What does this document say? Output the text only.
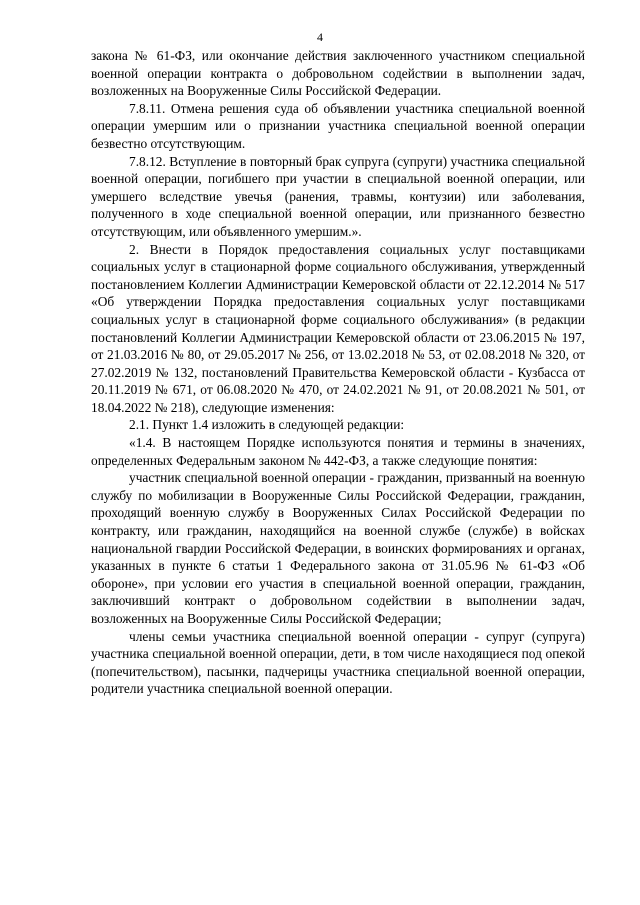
4

закона № 61-ФЗ, или окончание действия заключенного участником специальной военной операции контракта о добровольном содействии в выполнении задач, возложенных на Вооруженные Силы Российской Федерации.

7.8.11. Отмена решения суда об объявлении участника специальной военной операции умершим или о признании участника специальной военной операции безвестно отсутствующим.

7.8.12. Вступление в повторный брак супруга (супруги) участника специальной военной операции, погибшего при участии в специальной военной операции, или умершего вследствие увечья (ранения, травмы, контузии) или заболевания, полученного в ходе специальной военной операции, или признанного безвестно отсутствующим, или объявленного умершим.».

2. Внести в Порядок предоставления социальных услуг поставщиками социальных услуг в стационарной форме социального обслуживания, утвержденный постановлением Коллегии Администрации Кемеровской области от 22.12.2014 № 517 «Об утверждении Порядка предоставления социальных услуг поставщиками социальных услуг в стационарной форме социального обслуживания» (в редакции постановлений Коллегии Администрации Кемеровской области от 23.06.2015 № 197, от 21.03.2016 № 80, от 29.05.2017 № 256, от 13.02.2018 № 53, от 02.08.2018 № 320, от 27.02.2019 № 132, постановлений Правительства Кемеровской области - Кузбасса от 20.11.2019 № 671, от 06.08.2020 № 470, от 24.02.2021 № 91, от 20.08.2021 № 501, от 18.04.2022 № 218), следующие изменения:

2.1. Пункт 1.4 изложить в следующей редакции:

«1.4. В настоящем Порядке используются понятия и термины в значениях, определенных Федеральным законом № 442-ФЗ, а также следующие понятия:

участник специальной военной операции - гражданин, призванный на военную службу по мобилизации в Вооруженные Силы Российской Федерации, гражданин, проходящий военную службу в Вооруженных Силах Российской Федерации по контракту, или гражданин, находящийся на военной службе (службе) в войсках национальной гвардии Российской Федерации, в воинских формированиях и органах, указанных в пункте 6 статьи 1 Федерального закона от 31.05.96 № 61-ФЗ «Об обороне», при условии его участия в специальной военной операции, гражданин, заключивший контракт о добровольном содействии в выполнении задач, возложенных на Вооруженные Силы Российской Федерации;

члены семьи участника специальной военной операции - супруг (супруга) участника специальной военной операции, дети, в том числе находящиеся под опекой (попечительством), пасынки, падчерицы участника специальной военной операции, родители участника специальной военной операции.
